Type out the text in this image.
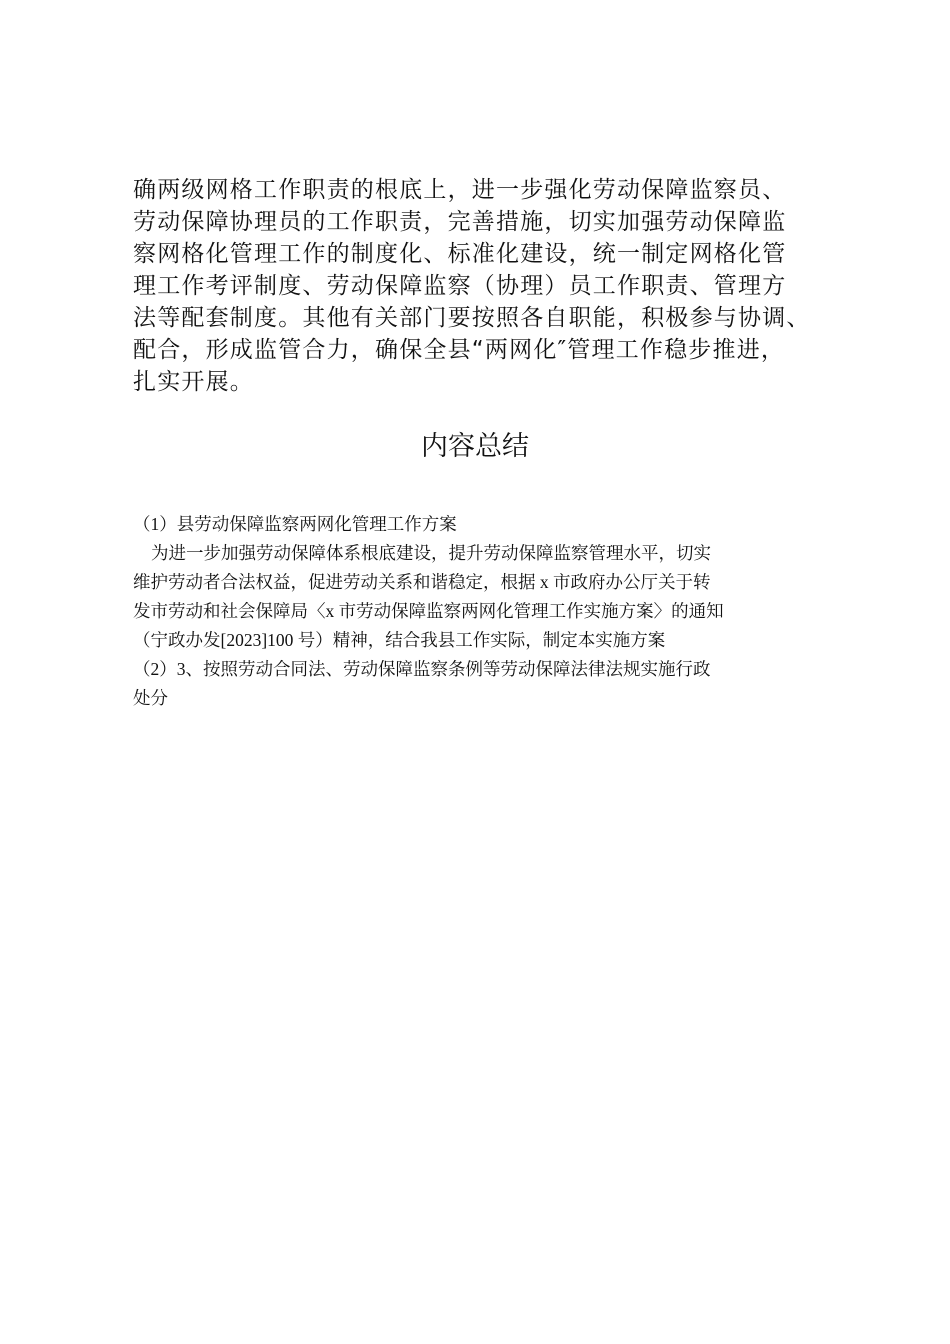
确两级网格工作职责的根底上，进一步强化劳动保障监察员、
劳动保障协理员的工作职责，完善措施，切实加强劳动保障监
察网格化管理工作的制度化、标准化建设，统一制定网格化管
理工作考评制度、劳动保障监察（协理）员工作职责、管理方
法等配套制度。其他有关部门要按照各自职能，积极参与协调、
配合，形成监管合力，确保全县“两网化″管理工作稳步推进，
扎实开展。
内容总结
（1）县劳动保障监察两网化管理工作方案
为进一步加强劳动保障体系根底建设，提升劳动保障监察管理水平，切实
维护劳动者合法权益，促进劳动关系和谐稳定，根据 x 市政府办公厅关于转
发市劳动和社会保障局〈x 市劳动保障监察两网化管理工作实施方案〉的通知
（宁政办发[2023]100 号）精神，结合我县工作实际，制定本实施方案
（2）3、按照劳动合同法、劳动保障监察条例等劳动保障法律法规实施行政
处分
